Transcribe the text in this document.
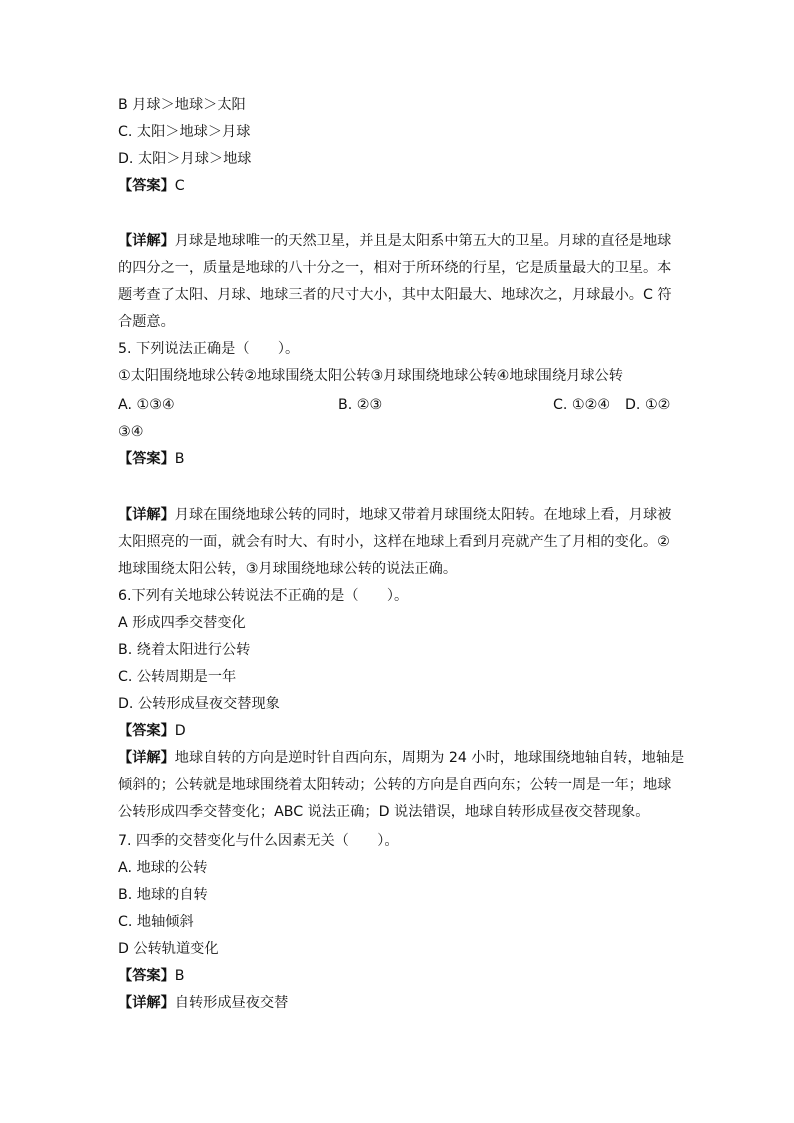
B 月球＞地球＞太阳
C. 太阳＞地球＞月球
D. 太阳＞月球＞地球
【答案】C
【详解】月球是地球唯一的天然卫星，并且是太阳系中第五大的卫星。月球的直径是地球
的四分之一，质量是地球的八十分之一，相对于所环绕的行星，它是质量最大的卫星。本
题考查了太阳、月球、地球三者的尺寸大小，其中太阳最大、地球次之，月球最小。C 符
合题意。
5. 下列说法正确是（　　）。
①太阳围绕地球公转②地球围绕太阳公转③月球围绕地球公转④地球围绕月球公转
A. ①③④	B. ②③	C. ①②④ D. ①②
③④
【答案】B
【详解】月球在围绕地球公转的同时，地球又带着月球围绕太阳转。在地球上看，月球被
太阳照亮的一面，就会有时大、有时小，这样在地球上看到月亮就产生了月相的变化。②
地球围绕太阳公转，③月球围绕地球公转的说法正确。
6.下列有关地球公转说法不正确的是（　　）。
A 形成四季交替变化
B. 绕着太阳进行公转
C. 公转周期是一年
D. 公转形成昼夜交替现象
【答案】D
【详解】地球自转的方向是逆时针自西向东，周期为 24 小时，地球围绕地轴自转，地轴是
倾斜的；公转就是地球围绕着太阳转动；公转的方向是自西向东；公转一周是一年；地球
公转形成四季交替变化；ABC 说法正确；D 说法错误，地球自转形成昼夜交替现象。
7. 四季的交替变化与什么因素无关（　　）。
A. 地球的公转
B. 地球的自转
C. 地轴倾斜
D 公转轨道变化
【答案】B
【详解】自转形成昼夜交替
